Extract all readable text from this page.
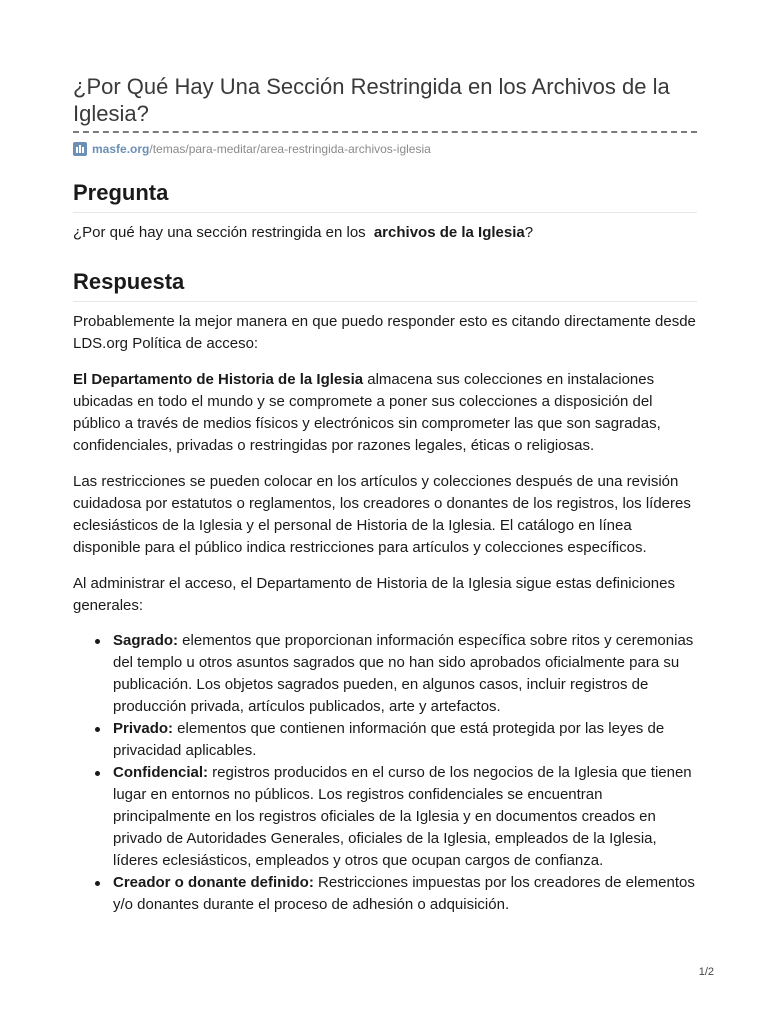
¿Por Qué Hay Una Sección Restringida en los Archivos de la Iglesia?
masfe.org /temas/para-meditar/area-restringida-archivos-iglesia
Pregunta

¿Por qué hay una sección restringida en los archivos de la Iglesia?

Respuesta

Probablemente la mejor manera en que puedo responder esto es citando directamente desde LDS.org Política de acceso:

El Departamento de Historia de la Iglesia almacena sus colecciones en instalaciones ubicadas en todo el mundo y se compromete a poner sus colecciones a disposición del público a través de medios físicos y electrónicos sin comprometer las que son sagradas, confidenciales, privadas o restringidas por razones legales, éticas o religiosas.

Las restricciones se pueden colocar en los artículos y colecciones después de una revisión cuidadosa por estatutos o reglamentos, los creadores o donantes de los registros, los líderes eclesiásticos de la Iglesia y el personal de Historia de la Iglesia. El catálogo en línea disponible para el público indica restricciones para artículos y colecciones específicos.

Al administrar el acceso, el Departamento de Historia de la Iglesia sigue estas definiciones generales:

Sagrado: elementos que proporcionan información específica sobre ritos y ceremonias del templo u otros asuntos sagrados que no han sido aprobados oficialmente para su publicación. Los objetos sagrados pueden, en algunos casos, incluir registros de producción privada, artículos publicados, arte y artefactos.
Privado: elementos que contienen información que está protegida por las leyes de privacidad aplicables.
Confidencial: registros producidos en el curso de los negocios de la Iglesia que tienen lugar en entornos no públicos. Los registros confidenciales se encuentran principalmente en los registros oficiales de la Iglesia y en documentos creados en privado de Autoridades Generales, oficiales de la Iglesia, empleados de la Iglesia, líderes eclesiásticos, empleados y otros que ocupan cargos de confianza.
Creador o donante definido: Restricciones impuestas por los creadores de elementos y/o donantes durante el proceso de adhesión o adquisición.
1/2
